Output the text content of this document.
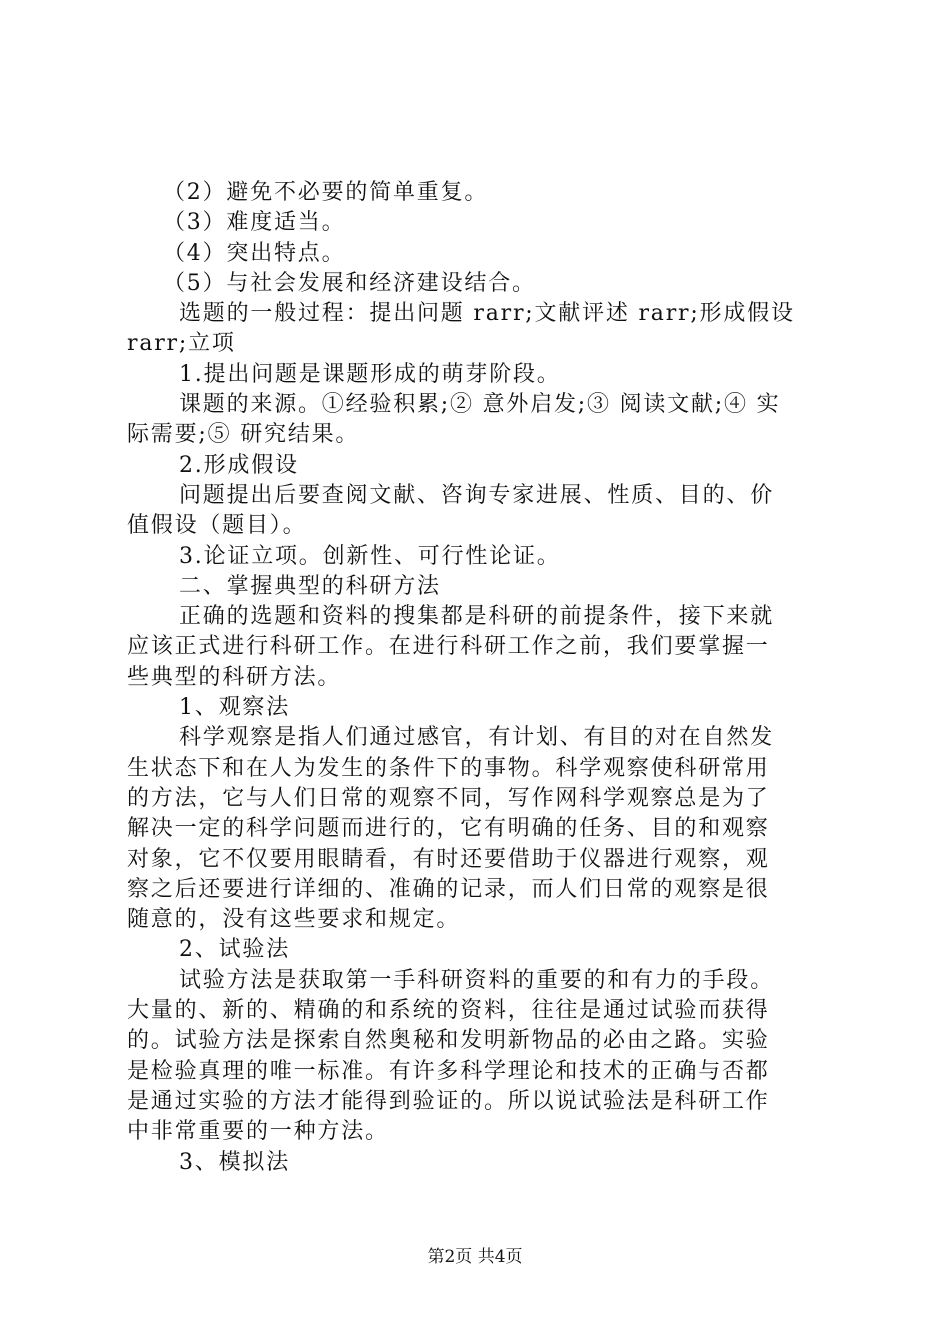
（2）避免不必要的简单重复。
（3）难度适当。
（4）突出特点。
（5）与社会发展和经济建设结合。
选题的一般过程：提出问题 rarr;文献评述 rarr;形成假设
rarr;立项
1.提出问题是课题形成的萌芽阶段。
课题的来源。①经验积累;② 意外启发;③ 阅读文献;④ 实
际需要;⑤ 研究结果。
2.形成假设
问题提出后要查阅文献、咨询专家进展、性质、目的、价
值假设（题目）。
3.论证立项。创新性、可行性论证。
二、掌握典型的科研方法
正确的选题和资料的搜集都是科研的前提条件，接下来就
应该正式进行科研工作。在进行科研工作之前，我们要掌握一
些典型的科研方法。
1、观察法
科学观察是指人们通过感官，有计划、有目的对在自然发
生状态下和在人为发生的条件下的事物。科学观察使科研常用
的方法，它与人们日常的观察不同，写作网科学观察总是为了
解决一定的科学问题而进行的，它有明确的任务、目的和观察
对象，它不仅要用眼睛看，有时还要借助于仪器进行观察，观
察之后还要进行详细的、准确的记录，而人们日常的观察是很
随意的，没有这些要求和规定。
2、试验法
试验方法是获取第一手科研资料的重要的和有力的手段。
大量的、新的、精确的和系统的资料，往往是通过试验而获得
的。试验方法是探索自然奥秘和发明新物品的必由之路。实验
是检验真理的唯一标准。有许多科学理论和技术的正确与否都
是通过实验的方法才能得到验证的。所以说试验法是科研工作
中非常重要的一种方法。
3、模拟法
第2页 共4页
